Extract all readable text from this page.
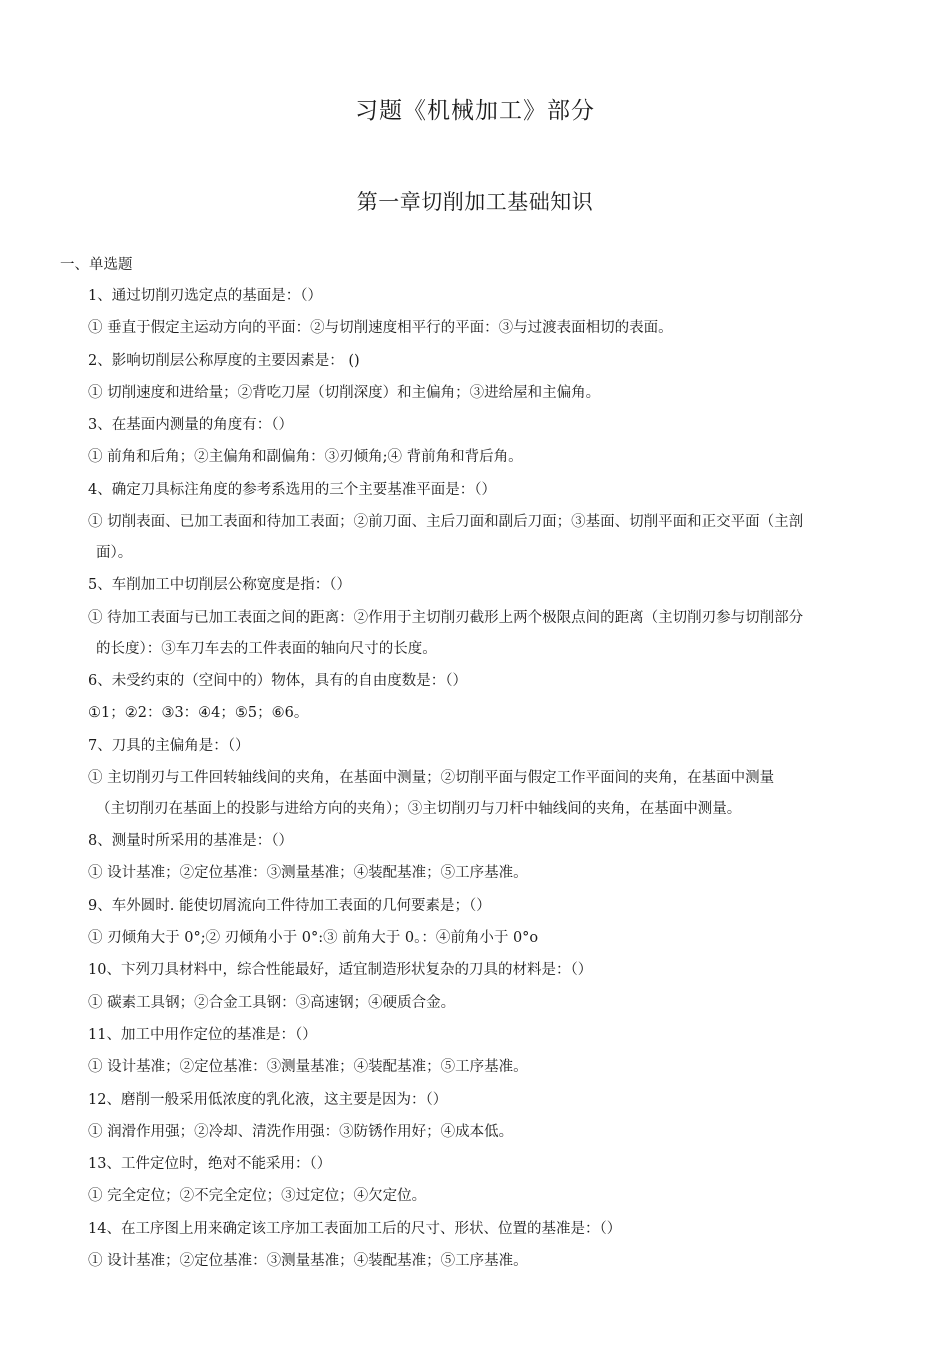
习题《机械加工》部分
第一章切削加工基础知识
一、单选题
1、通过切削刃选定点的基面是：（）
① 垂直于假定主运动方向的平面：②与切削速度相平行的平面：③与过渡表面相切的表面。
2、影响切削层公称厚度的主要因素是： ()
① 切削速度和进给量；②背吃刀屋（切削深度）和主偏角；③进给屋和主偏角。
3、在基面内测量的角度有：（）
① 前角和后角；②主偏角和副偏角：③刃倾角;④ 背前角和背后角。
4、确定刀具标注角度的参考系选用的三个主要基准平面是：（）
① 切削表面、已加工表面和待加工表面；②前刀面、主后刀面和副后刀面；③基面、切削平面和正交平面（主剖
面）。
5、车削加工中切削层公称宽度是指：（）
① 待加工表面与已加工表面之间的距离：②作用于主切削刃截形上两个极限点间的距离（主切削刃参与切削部分
的长度）：③车刀车去的工件表面的轴向尺寸的长度。
6、未受约束的（空间中的）物体，具有的自由度数是：（）
①1；②2：③3：④4；⑤5；⑥6。
7、刀具的主偏角是：（）
① 主切削刃与工件回转轴线间的夹角，在基面中测量；②切削平面与假定工作平面间的夹角，在基面中测量
（主切削刃在基面上的投影与进给方向的夹角）；③主切削刃与刀杆中轴线间的夹角，在基面中测量。
8、测量时所采用的基准是：（）
① 设计基准；②定位基准：③测量基准；④装配基准；⑤工序基准。
9、车外圆时. 能使切屑流向工件待加工表面的几何要素是；（）
① 刃倾角大于 0°;② 刃倾角小于 0°:③ 前角大于 0。：④前角小于 0°o
10、卞列刀具材料中，综合性能最好，适宜制造形状复杂的刀具的材料是：（）
① 碳素工具钢；②合金工具钢：③高速钢；④硬质合金。
11、加工中用作定位的基准是：（）
① 设计基准；②定位基准：③测量基准；④装配基准；⑤工序基准。
12、磨削一般采用低浓度的乳化液，这主要是因为：（）
① 润滑作用强；②冷却、清洗作用强：③防锈作用好；④成本低。
13、工件定位时，绝对不能采用：（）
① 完全定位；②不完全定位；③过定位；④欠定位。
14、在工序图上用来确定该工序加工表面加工后的尺寸、形状、位置的基准是：（）
① 设计基准；②定位基准：③测量基准；④装配基准；⑤工序基准。
